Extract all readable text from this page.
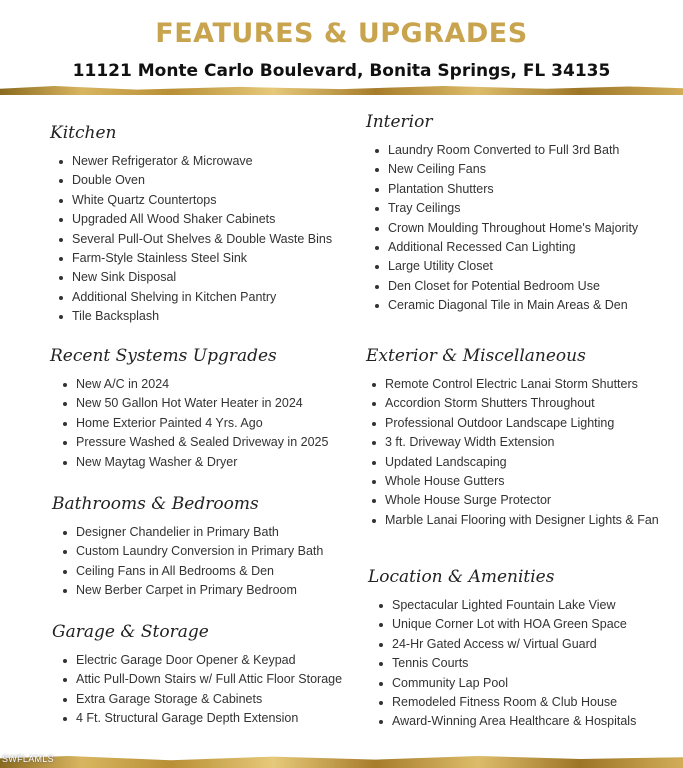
FEATURES & UPGRADES
11121 Monte Carlo Boulevard, Bonita Springs, FL 34135
Kitchen
Newer Refrigerator & Microwave
Double Oven
White Quartz Countertops
Upgraded All Wood Shaker Cabinets
Several Pull-Out Shelves & Double Waste Bins
Farm-Style Stainless Steel Sink
New Sink Disposal
Additional Shelving in Kitchen Pantry
Tile Backsplash
Interior
Laundry Room Converted to Full 3rd Bath
New Ceiling Fans
Plantation Shutters
Tray Ceilings
Crown Moulding Throughout Home's Majority
Additional Recessed Can Lighting
Large Utility Closet
Den Closet for Potential Bedroom Use
Ceramic Diagonal Tile in Main Areas & Den
Recent Systems Upgrades
New A/C in 2024
New 50 Gallon Hot Water Heater in 2024
Home Exterior Painted 4 Yrs. Ago
Pressure Washed & Sealed Driveway in 2025
New Maytag Washer & Dryer
Exterior & Miscellaneous
Remote Control Electric Lanai Storm Shutters
Accordion Storm Shutters Throughout
Professional Outdoor Landscape Lighting
3 ft. Driveway Width Extension
Updated Landscaping
Whole House Gutters
Whole House Surge Protector
Marble Lanai Flooring with Designer Lights & Fan
Bathrooms & Bedrooms
Designer Chandelier in Primary Bath
Custom Laundry Conversion in Primary Bath
Ceiling Fans in All Bedrooms & Den
New Berber Carpet in Primary Bedroom
Location & Amenities
Spectacular Lighted Fountain Lake View
Unique Corner Lot with HOA Green Space
24-Hr Gated Access w/ Virtual Guard
Tennis Courts
Community Lap Pool
Remodeled Fitness Room & Club House
Award-Winning Area Healthcare & Hospitals
Garage & Storage
Electric Garage Door Opener & Keypad
Attic Pull-Down Stairs w/ Full Attic Floor Storage
Extra Garage Storage & Cabinets
4 Ft. Structural Garage Depth Extension
SWFLAMLS
